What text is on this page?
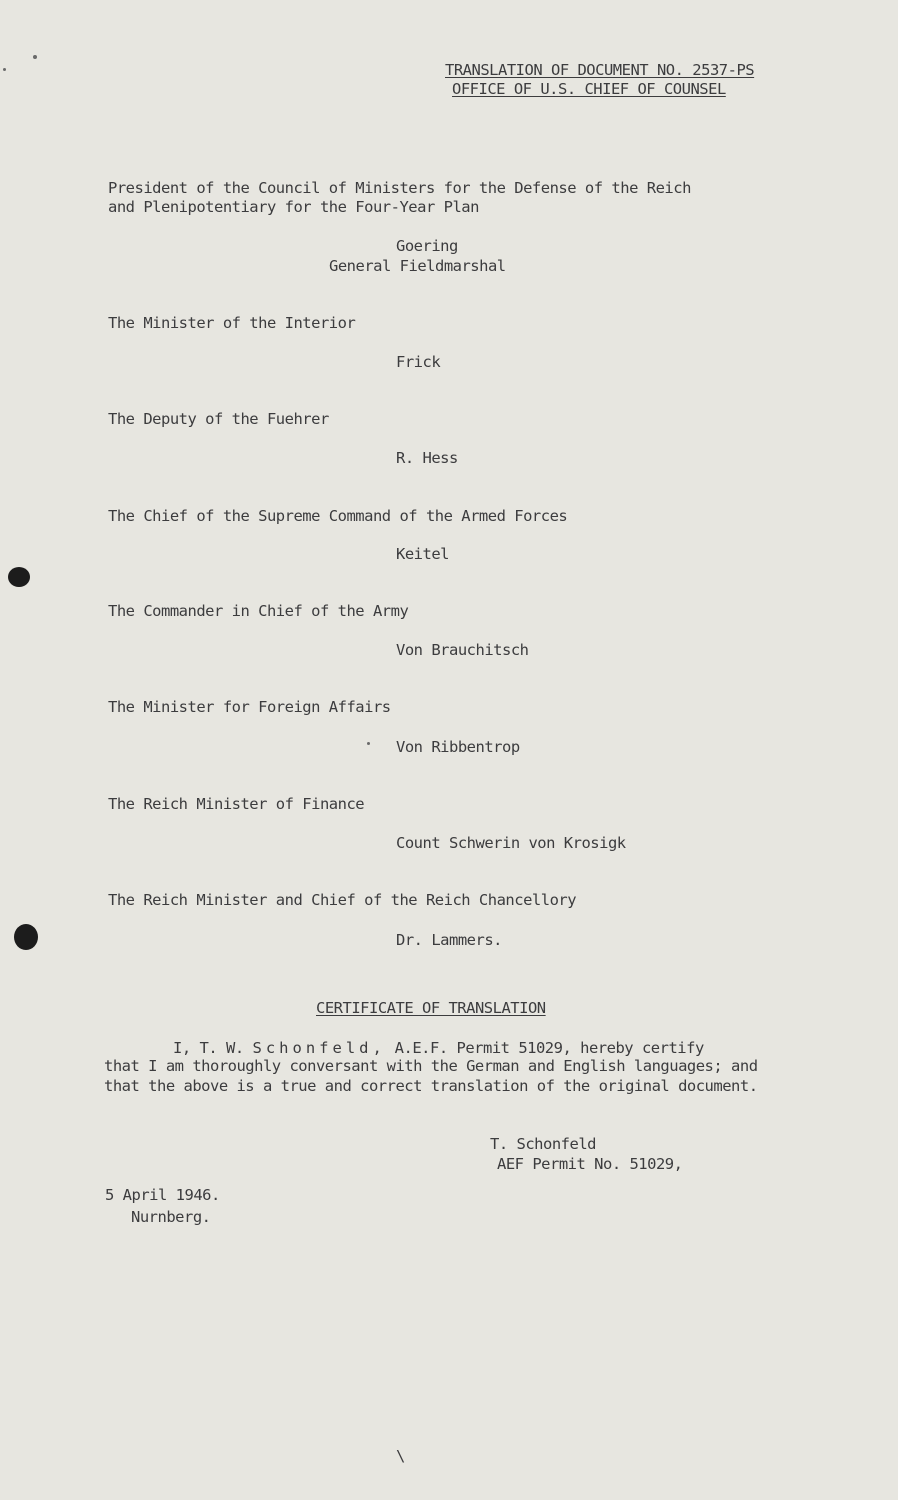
TRANSLATION OF DOCUMENT NO. 2537-PS
OFFICE OF U.S. CHIEF OF COUNSEL
President of the Council of Ministers for the Defense of the Reich
and Plenipotentiary for the Four-Year Plan
Goering
General Fieldmarshal
The Minister of the Interior
Frick
The Deputy of the Fuehrer
R. Hess
The Chief of the Supreme Command of the Armed Forces
Keitel
The Commander in Chief of the Army
Von Brauchitsch
The Minister for Foreign Affairs
Von Ribbentrop
The Reich Minister of Finance
Count Schwerin von Krosigk
The Reich Minister and Chief of the Reich Chancellory
Dr. Lammers.
CERTIFICATE OF TRANSLATION
I, T. W. Schonfeld, A.E.F. Permit 51029, hereby certify
that I am thoroughly conversant with the German and English languages; and
that the above is a true and correct translation of the original document.
T. Schonfeld
AEF Permit No. 51029,
5 April 1946.
Nurnberg.
\
